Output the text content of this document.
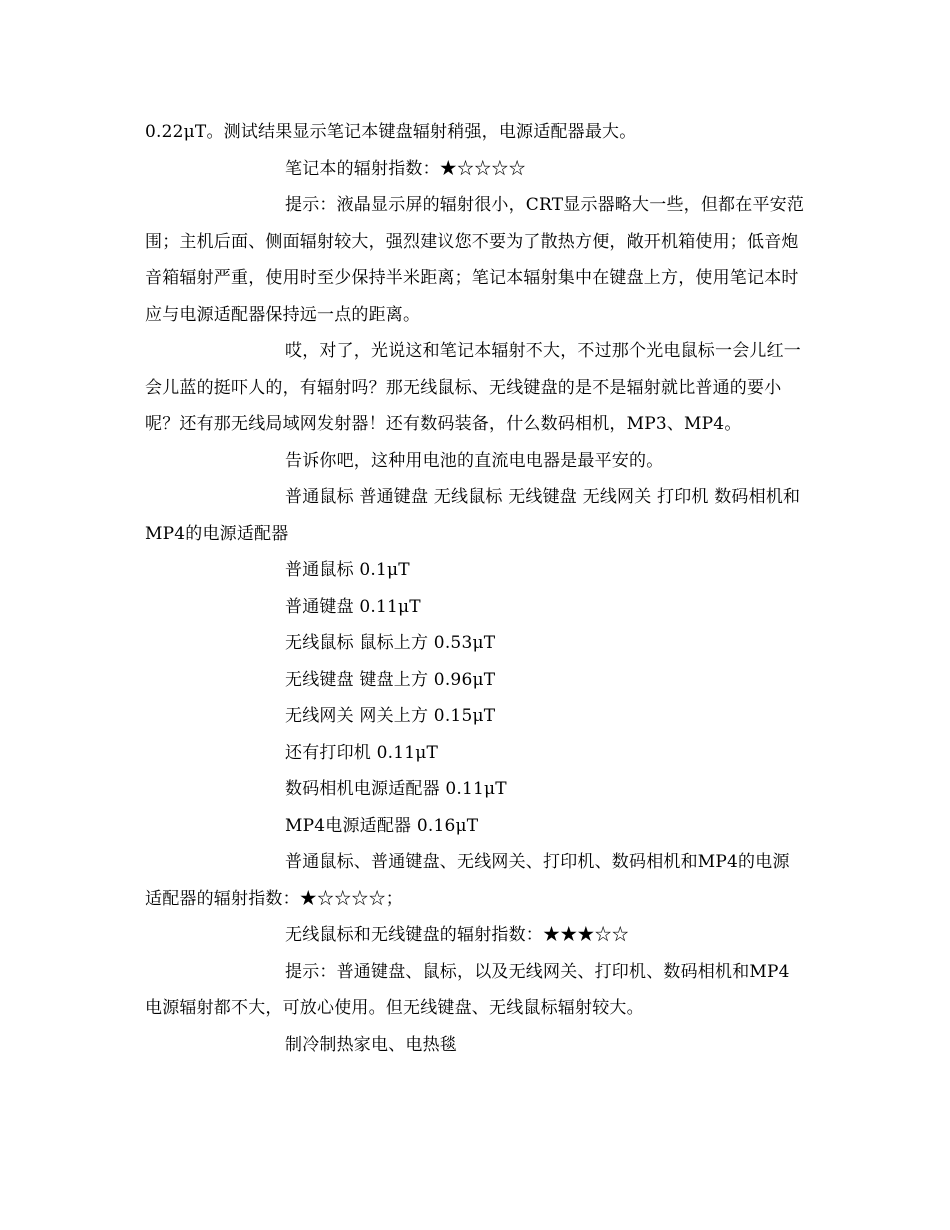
0.22μT。测试结果显示笔记本键盘辐射稍强，电源适配器最大。

笔记本的辐射指数：★☆☆☆☆

提示：液晶显示屏的辐射很小，CRT显示器略大一些，但都在平安范围；主机后面、侧面辐射较大，强烈建议您不要为了散热方便，敞开机箱使用；低音炮音箱辐射严重，使用时至少保持半米距离；笔记本辐射集中在键盘上方，使用笔记本时应与电源适配器保持远一点的距离。

哎，对了，光说这和笔记本辐射不大，不过那个光电鼠标一会儿红一会儿蓝的挺吓人的，有辐射吗？那无线鼠标、无线键盘的是不是辐射就比普通的要小呢？还有那无线局域网发射器！还有数码装备，什么数码相机，MP3、MP4。

告诉你吧，这种用电池的直流电电器是最平安的。

普通鼠标 普通键盘 无线鼠标 无线键盘 无线网关 打印机 数码相机和MP4的电源适配器

普通鼠标 0.1μT

普通键盘 0.11μT

无线鼠标 鼠标上方 0.53μT

无线键盘 键盘上方 0.96μT

无线网关 网关上方 0.15μT

还有打印机 0.11μT

数码相机电源适配器 0.11μT

MP4电源适配器 0.16μT

普通鼠标、普通键盘、无线网关、打印机、数码相机和MP4的电源适配器的辐射指数：★☆☆☆☆；

无线鼠标和无线键盘的辐射指数：★★★☆☆

提示：普通键盘、鼠标，以及无线网关、打印机、数码相机和MP4电源辐射都不大，可放心使用。但无线键盘、无线鼠标辐射较大。

制冷制热家电、电热毯
